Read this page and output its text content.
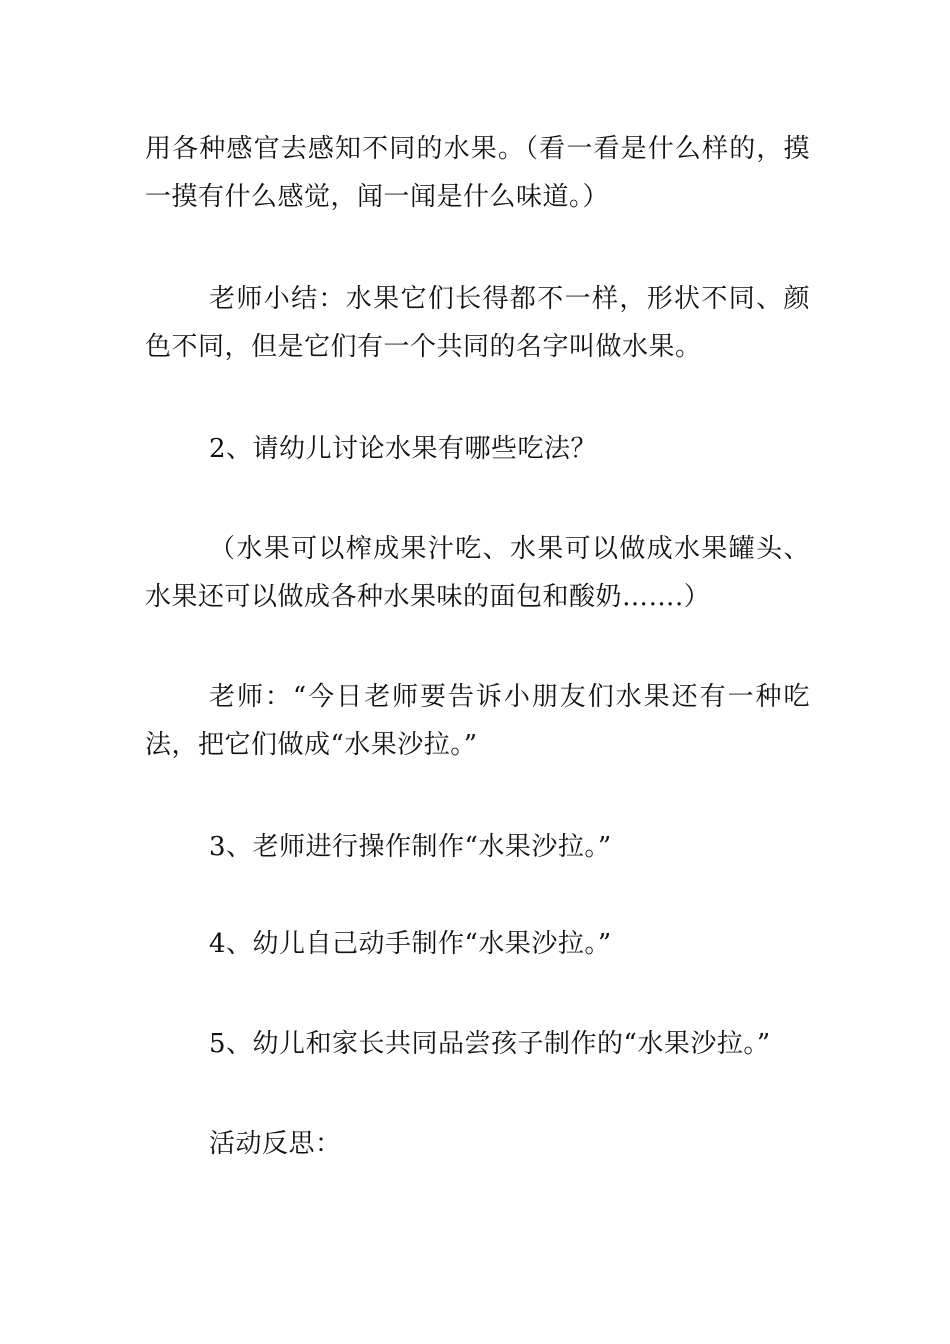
用各种感官去感知不同的水果。（看一看是什么样的，摸一摸有什么感觉，闻一闻是什么味道。）

老师小结：水果它们长得都不一样，形状不同、颜色不同，但是它们有一个共同的名字叫做水果。

2、请幼儿讨论水果有哪些吃法？

（水果可以榨成果汁吃、水果可以做成水果罐头、水果还可以做成各种水果味的面包和酸奶…….）

老师：“今日老师要告诉小朋友们水果还有一种吃法，把它们做成“水果沙拉。”

3、老师进行操作制作“水果沙拉。”

4、幼儿自己动手制作“水果沙拉。”

5、幼儿和家长共同品尝孩子制作的“水果沙拉。”

活动反思：
